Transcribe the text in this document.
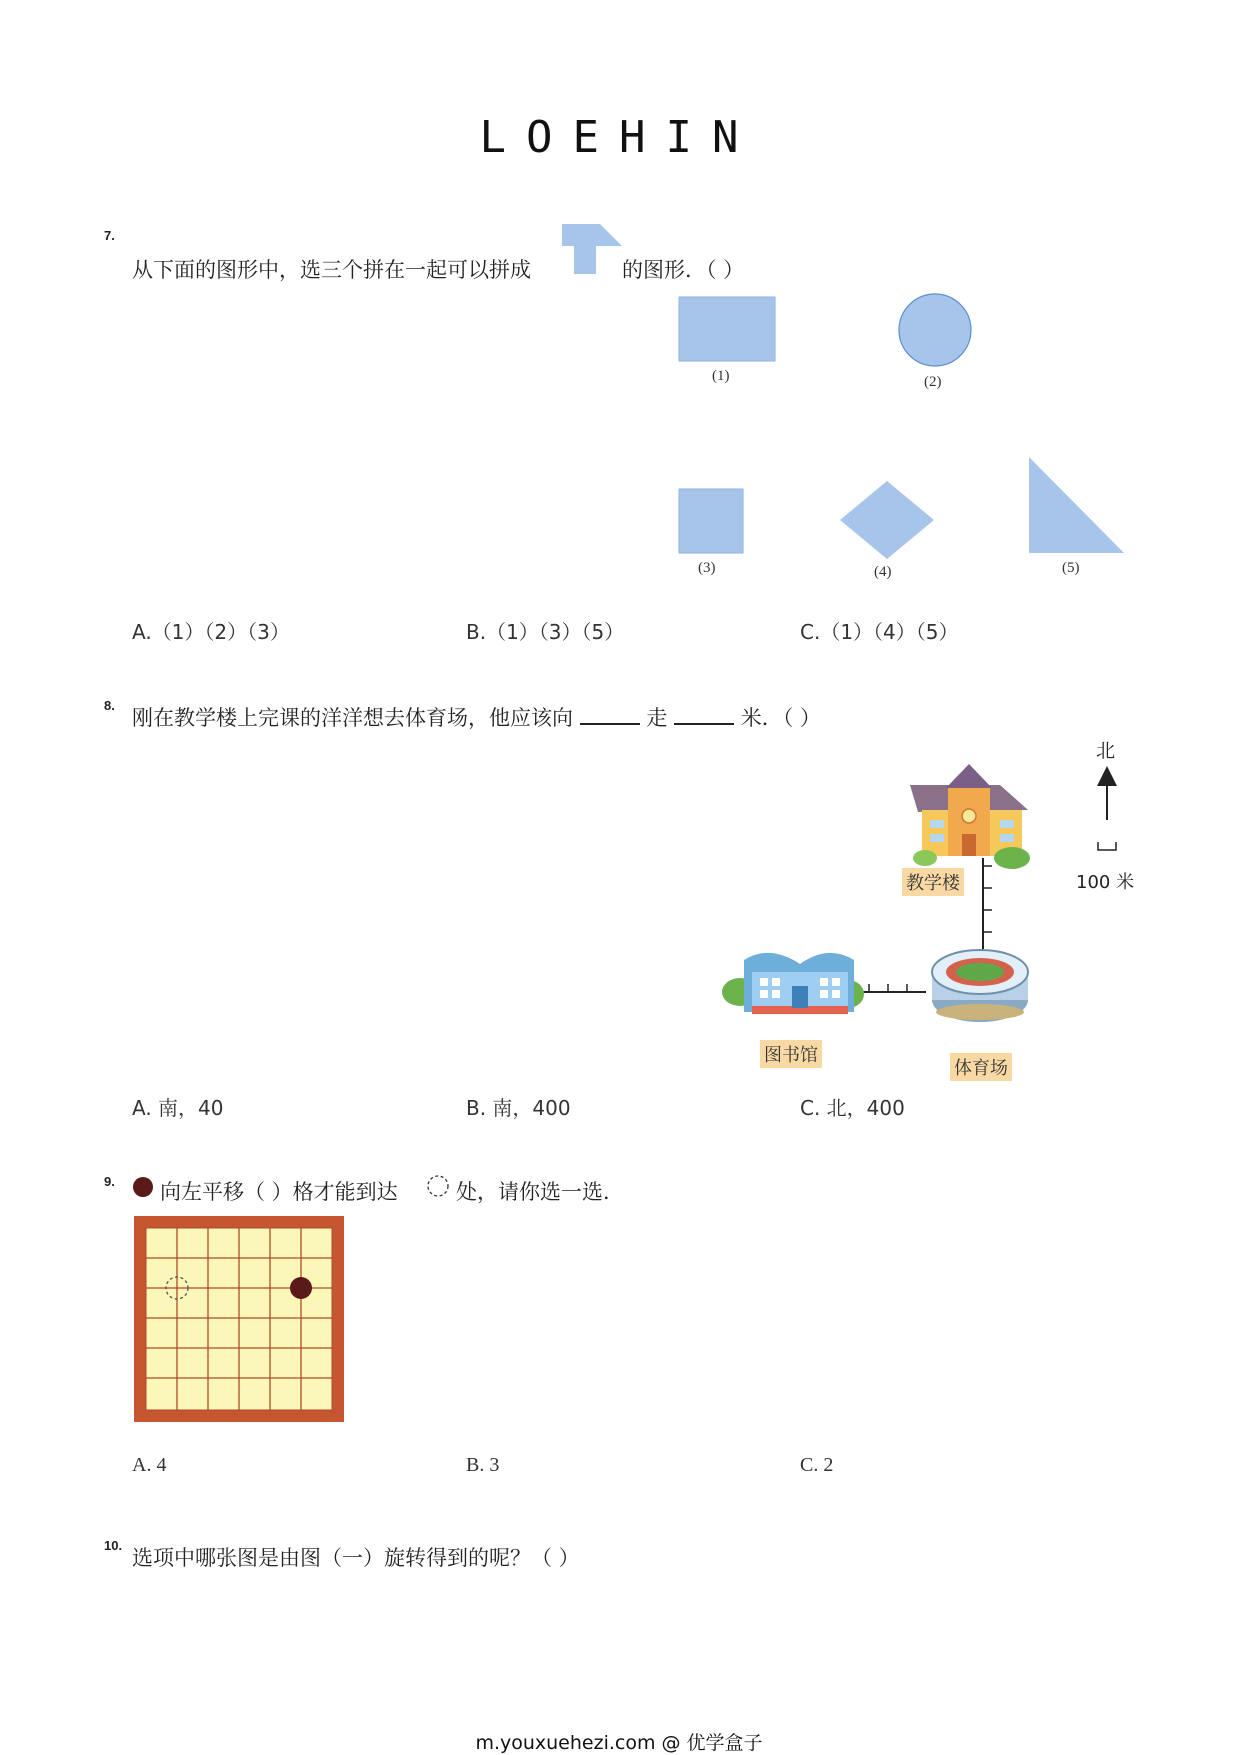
LOEHIN
7.
从下面的图形中，选三个拼在一起可以拼成	的图形．（ ）
(1)	(2)
(3)	(4)	(5)
A.（1）（2）（3）	B.（1）（3）（5）	C.（1）（4）（5）
8.
刚在教学楼上完课的洋洋想去体育场，他应该向	走	米．（ ）
北
100 米
教学楼
图书馆
体育场
A. 南，40	B. 南，400	C. 北，400
9. 向左平移（ ）格才能到达	处，请你选一选．
A. 4	B. 3	C. 2
10.
选项中哪张图是由图（一）旋转得到的呢？（ ）
m.youxuehezi.com @ 优学盒子
